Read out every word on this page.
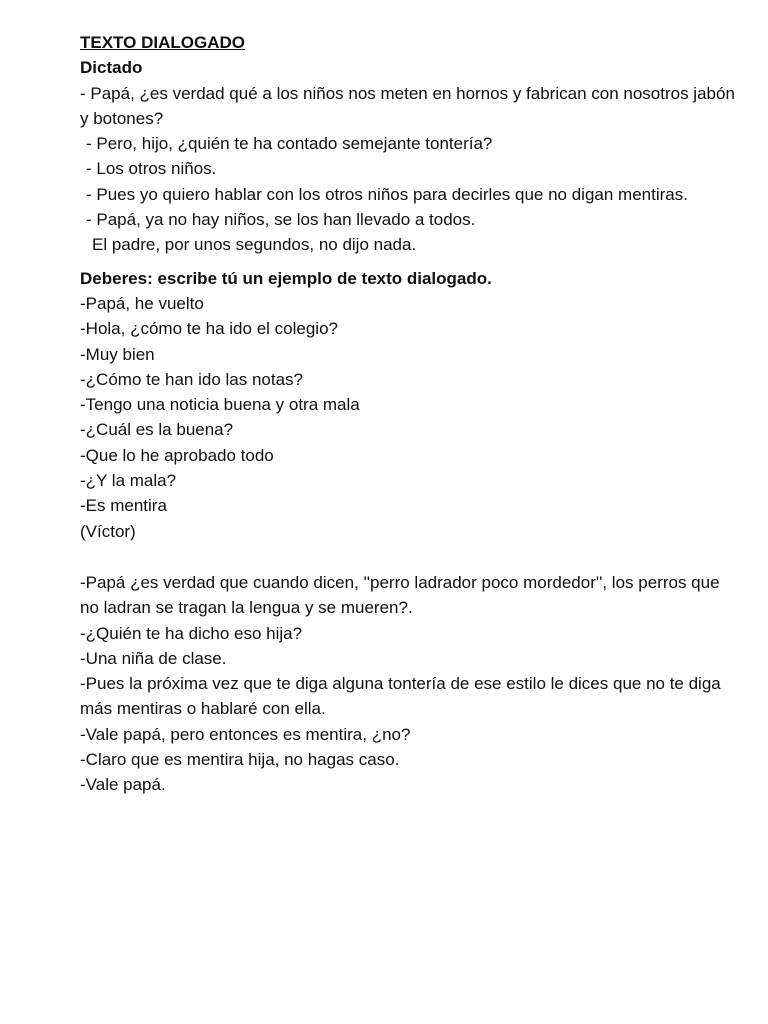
TEXTO DIALOGADO
Dictado
- Papá, ¿es verdad qué a los niños nos meten en hornos y fabrican con nosotros jabón y botones?
- Pero, hijo, ¿quién te ha contado semejante tontería?
- Los otros niños.
- Pues yo quiero hablar con los otros niños para decirles que no digan mentiras.
- Papá, ya no hay niños, se los han llevado a todos.
El padre, por unos segundos, no dijo nada.
Deberes: escribe tú un ejemplo de texto dialogado.
-Papá, he vuelto
-Hola, ¿cómo te ha ido el colegio?
-Muy bien
-¿Cómo te han ido las notas?
-Tengo una noticia buena y otra mala
-¿Cuál es la buena?
-Que lo he aprobado todo
-¿Y la mala?
-Es mentira
(Víctor)
-Papá ¿es verdad que cuando dicen, ''perro ladrador poco mordedor'', los perros que no ladran se tragan la lengua y se mueren?.
-¿Quién te ha dicho eso hija?
-Una niña de clase.
-Pues la próxima vez que te diga alguna tontería de ese estilo le dices que no te diga más mentiras o hablaré con ella.
-Vale papá, pero entonces es mentira, ¿no?
-Claro que es mentira hija, no hagas caso.
-Vale papá.
